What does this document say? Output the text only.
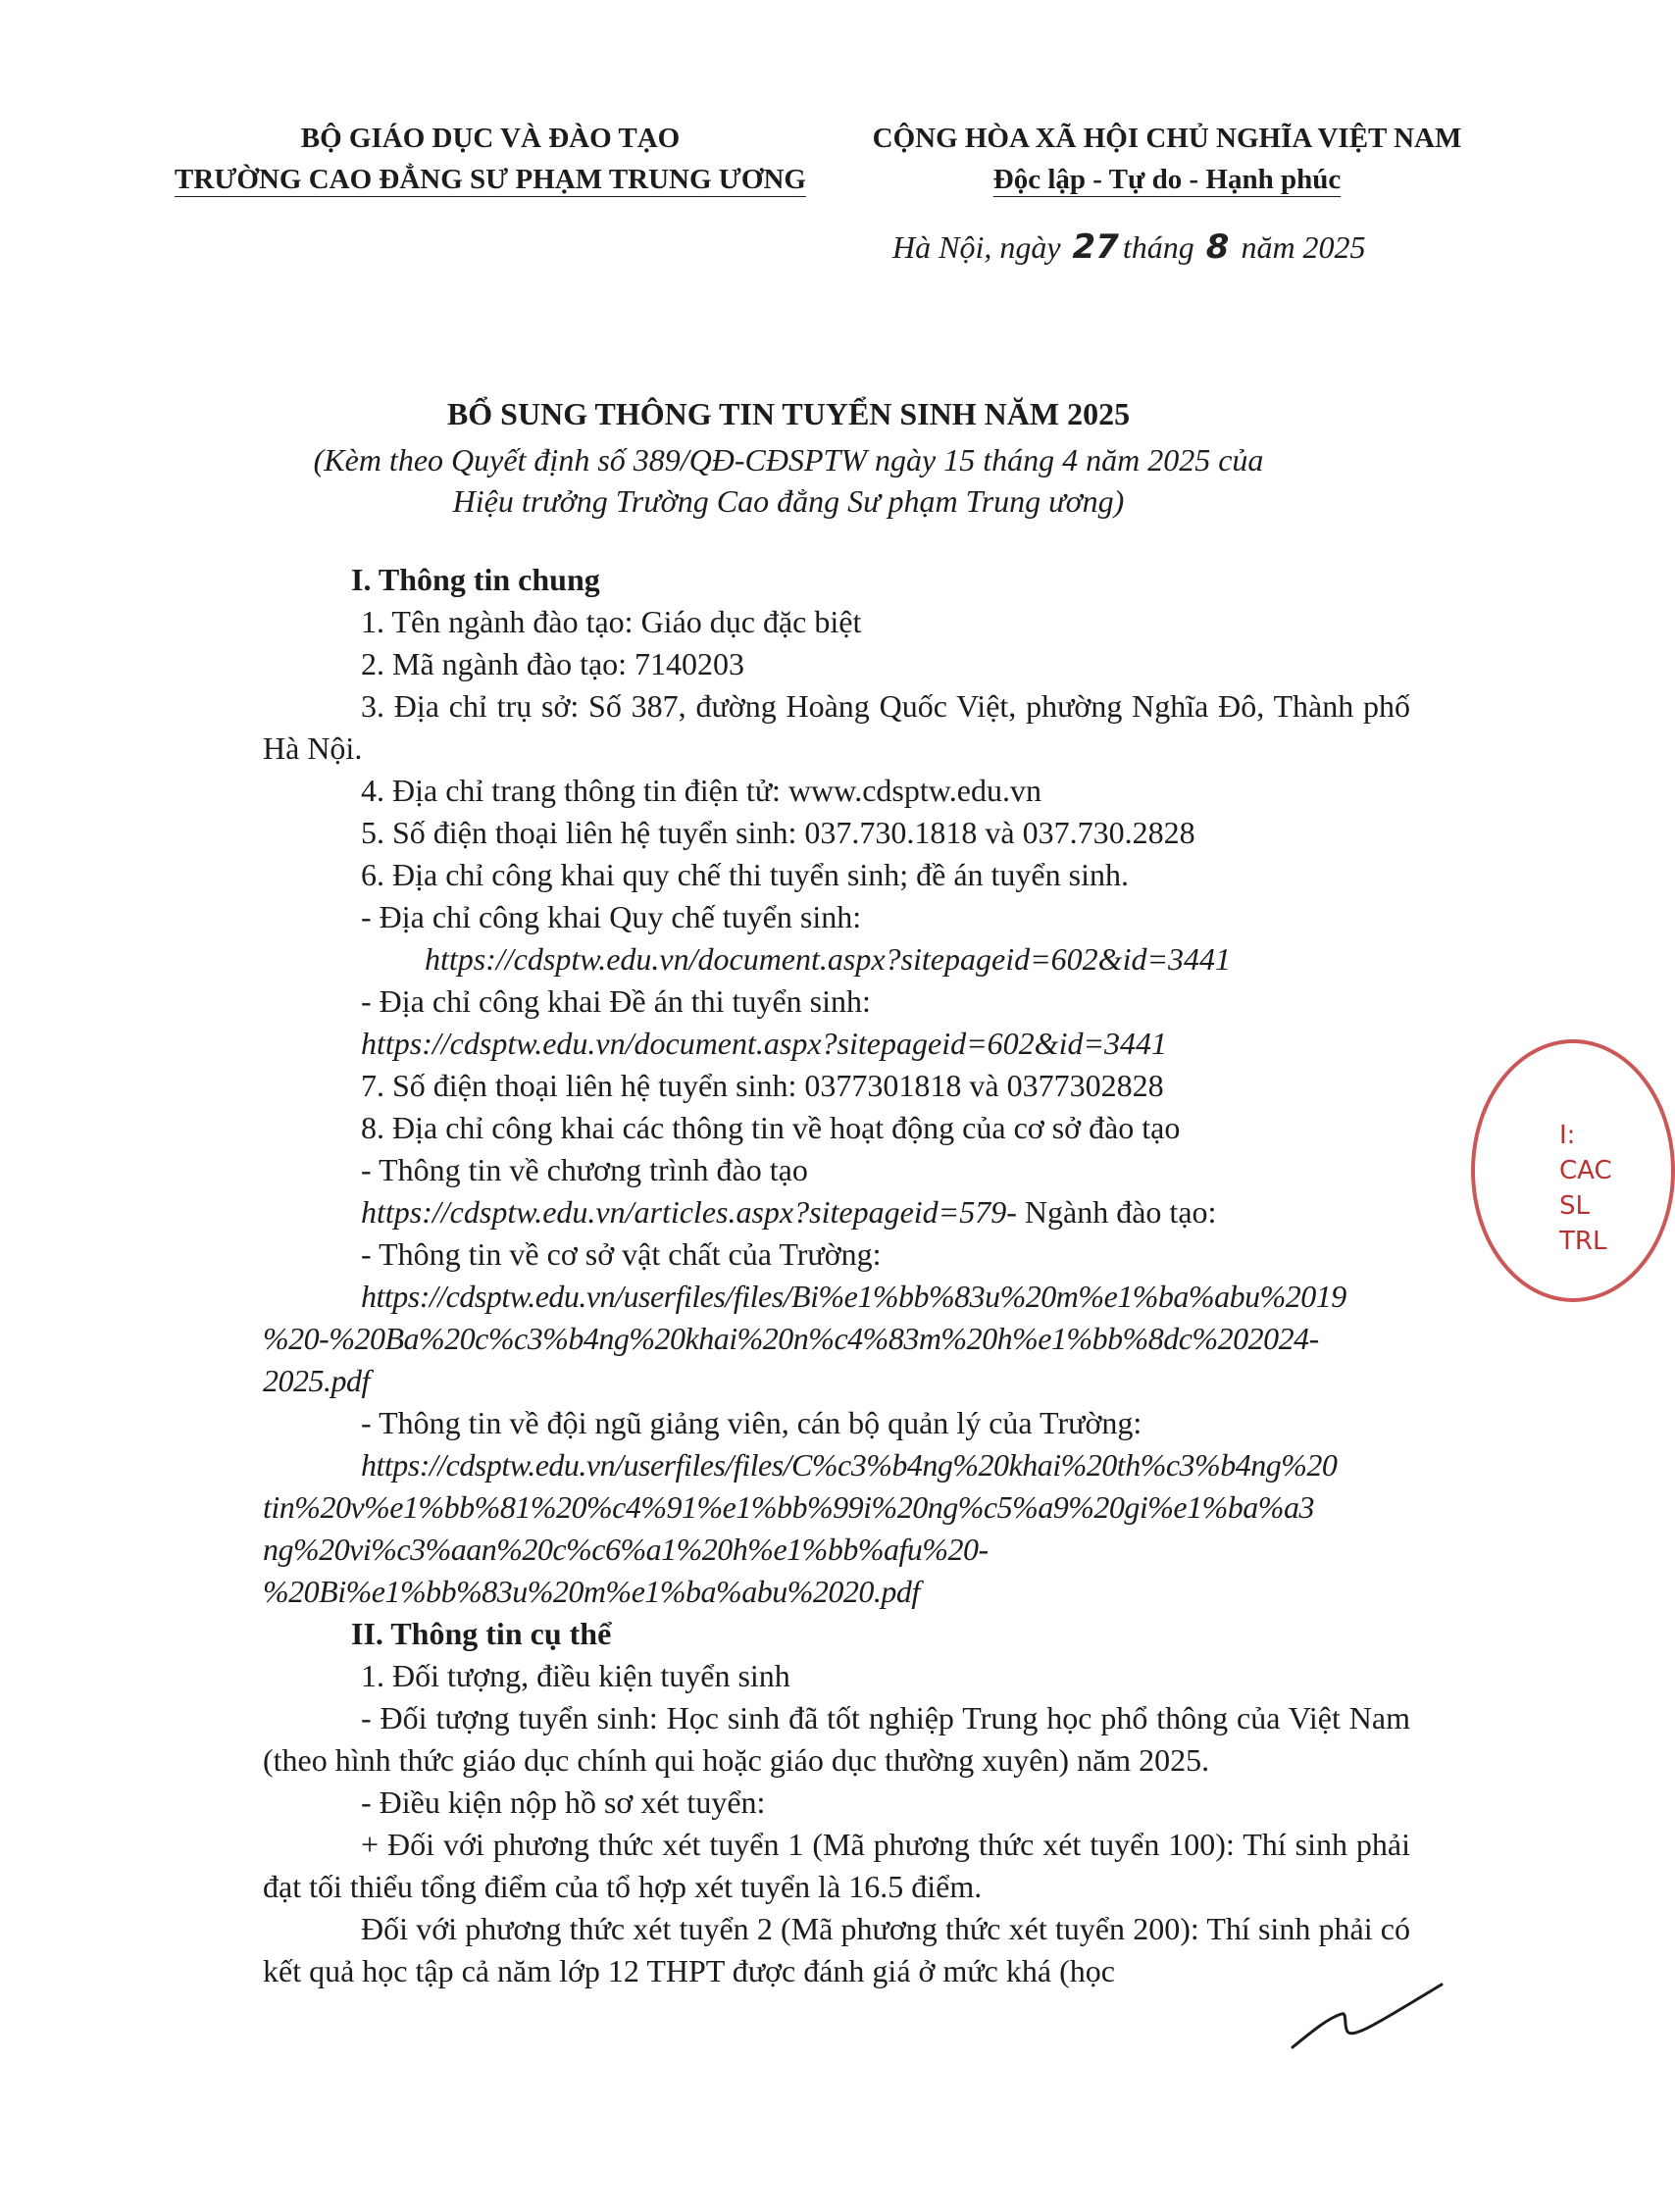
BỘ GIÁO DỤC VÀ ĐÀO TẠO
TRƯỜNG CAO ĐẲNG SƯ PHẠM TRUNG ƯƠNG
CỘNG HÒA XÃ HỘI CHỦ NGHĨA VIỆT NAM
Độc lập - Tự do - Hạnh phúc
Hà Nội, ngày 27 tháng 8 năm 2025
BỔ SUNG THÔNG TIN TUYỂN SINH NĂM 2025
(Kèm theo Quyết định số 389/QĐ-CĐSPTW ngày 15 tháng 4 năm 2025 của
Hiệu trưởng Trường Cao đẳng Sư phạm Trung ương)

I. Thông tin chung

1. Tên ngành đào tạo: Giáo dục đặc biệt

2. Mã ngành đào tạo: 7140203

3. Địa chỉ trụ sở: Số 387, đường Hoàng Quốc Việt, phường Nghĩa Đô, Thành phố Hà Nội.

4. Địa chỉ trang thông tin điện tử: www.cdsptw.edu.vn

5. Số điện thoại liên hệ tuyển sinh: 037.730.1818 và 037.730.2828

6. Địa chỉ công khai quy chế thi tuyển sinh; đề án tuyển sinh.

- Địa chỉ công khai Quy chế tuyển sinh:

https://cdsptw.edu.vn/document.aspx?sitepageid=602&id=3441

- Địa chỉ công khai Đề án thi tuyển sinh:

https://cdsptw.edu.vn/document.aspx?sitepageid=602&id=3441

7. Số điện thoại liên hệ tuyển sinh: 0377301818 và 0377302828

8. Địa chỉ công khai các thông tin về hoạt động của cơ sở đào tạo

- Thông tin về chương trình đào tạo

https://cdsptw.edu.vn/articles.aspx?sitepageid=579- Ngành đào tạo:

- Thông tin về cơ sở vật chất của Trường:

https://cdsptw.edu.vn/userfiles/files/Bi%e1%bb%83u%20m%e1%ba%abu%2019

%20-%20Ba%20c%c3%b4ng%20khai%20n%c4%83m%20h%e1%bb%8dc%202024-

2025.pdf

- Thông tin về đội ngũ giảng viên, cán bộ quản lý của Trường:

https://cdsptw.edu.vn/userfiles/files/C%c3%b4ng%20khai%20th%c3%b4ng%20

tin%20v%e1%bb%81%20%c4%91%e1%bb%99i%20ng%c5%a9%20gi%e1%ba%a3

ng%20vi%c3%aan%20c%c6%a1%20h%e1%bb%afu%20-

%20Bi%e1%bb%83u%20m%e1%ba%abu%2020.pdf

II. Thông tin cụ thể

1. Đối tượng, điều kiện tuyển sinh

- Đối tượng tuyển sinh: Học sinh đã tốt nghiệp Trung học phổ thông của Việt Nam (theo hình thức giáo dục chính qui hoặc giáo dục thường xuyên) năm 2025.

- Điều kiện nộp hồ sơ xét tuyển:

+ Đối với phương thức xét tuyển 1 (Mã phương thức xét tuyển 100): Thí sinh phải đạt tối thiểu tổng điểm của tổ hợp xét tuyển là 16.5 điểm.

Đối với phương thức xét tuyển 2 (Mã phương thức xét tuyển 200): Thí sinh phải có kết quả học tập cả năm lớp 12 THPT được đánh giá ở mức khá (học

I:
CAC
SL
TRL
